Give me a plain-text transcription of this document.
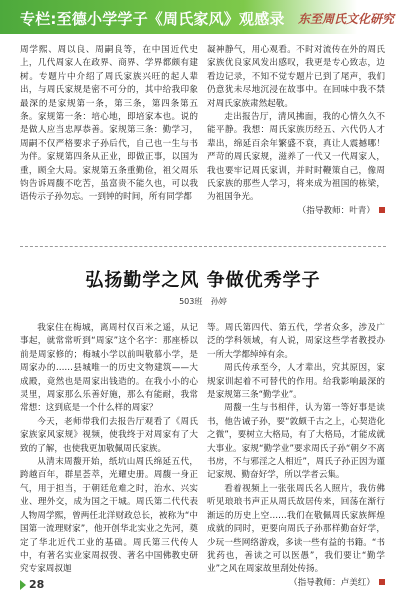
专栏:至德小学学子《周氏家风》观感录 东至周氏文化研究

周学熙、周以良、周嗣良等，在中国近代史上，几代周家人在政界、商界、学界都颇有建树。专题片中介绍了周氏家族兴旺的起人辈出，与周氏家规是密不可分的，其中给我印象最深的是家规第一条，第三条，第四条第五条。家规第一条：培心地，即培家本也。说的是做人应当忠厚恭善。家规第三条：勤学习，周嗣不仅严格要求子孙后代，自己也一生与书为伴。家规第四条从正业，即做正事，以国为重，顾全大局。家规第五条重勤俭，祖父周乐钧告诉周馥不吃苦，虽富贵不能久也，可以我语传示子孙勿忘。一到钟的时间，所有同学都

凝神静气，用心观看。不时对流传在外的周氏家族优良家风发出感叹，我更是专心致志，边看边记录，不知不觉专题片已到了尾声，我们仍意犹未尽地沉浸在故事中。在回味中我不禁对周氏家族肃然起敬。

走出报告厅，清风拂面，我的心情久久不能平静。我想：周氏家族历经五、六代仍人才辈出，绵延百余年繁盛不衰，真让人震撼哪！严苛的周氏家规，滋养了一代又一代周家人，我也要牢记周氏家训，并时时鞭策自己，像周氏家族的那些人学习，将来成为祖国的栋梁，为祖国争光。

（指导教师：叶青）

弘扬勤学之风 争做优秀学子
503班 孙婷

我家住在梅城，离周村仅百米之遥，从记事起，就常常听到“周家”这个名字：那座桥以前是周家修的；梅城小学以前叫敬慕小学，是周家办的……县城唯一的历史文物建筑——大成殿，竟然也是周家出钱造的。在我小小的心灵里，周家那么乐善好施，那么有能耐，我常常想：这到底是一个什么样的周家？

今天，老师带我们去报告厅观看了《周氏家族家风家规》视频，使我终于对周家有了大致的了解，也使我更加敬佩周氏家族。

从清末周馥开始，纸坑山周氏绵延五代，跨越百年，群星荟萃，光耀史册。周馥一身正气，用于担当，于朝廷危难之时，治水、兴实业、理外交，成为国之干城。周氏第二代代表人物周学熙，曾两任北洋财政总长，被称为“中国第一流理财家”，他开创华北实业之先河，奠定了华北近代工业的基础。周氏第三代传人中，有著名实业家周叔弢、著名中国佛教史研究专家周叔迦

等。周氏第四代、第五代，学者众多，涉及广泛的学科领域，有人说，周家这些学者教授办一所大学都绰绰有余。

周氏传承至今，人才辈出，究其原因，家规家训起着不可替代的作用。给我影响最深的是家规第三条“勤学业”。

周馥一生与书相伴，认为第一等好事是读书，他告诫子孙，要“敦颇千古之上，心契造化之微”，要树立大格局，有了大格局，才能成就大事业。家规“勤学业”要求周氏子孙“朝夕不离书房，不与邪淫之人相近”，周氏子孙正因为谨记家规、勤奋好学，所以学者云集。

看着视频上一张张周氏名人照片，我仿佛听见琅琅书声正从周氏故居传来，回荡在渐行渐远的历史上空……我们在敬佩周氏家族辉煌成就的同时，更要向周氏子孙那样勤奋好学，少玩一些网络游戏，多读一些有益的书籍。“书犹药也，善读之可以医愚”，我们要让“勤学业”之风在周家故里刮处传扬。

（指导教师：卢美红）

28
